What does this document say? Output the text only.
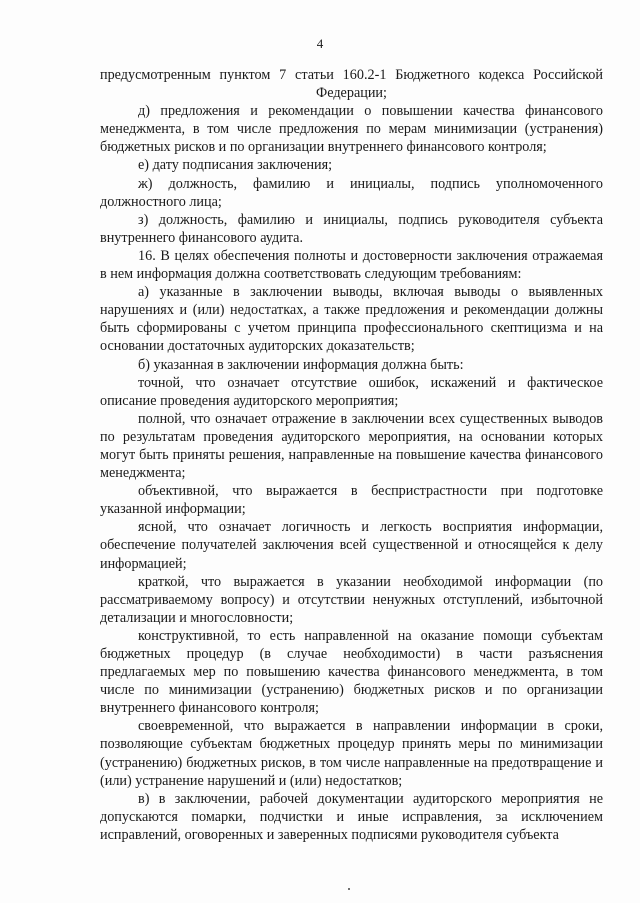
4

предусмотренным пунктом 7 статьи 160.2-1 Бюджетного кодекса Российской Федерации;

д) предложения и рекомендации о повышении качества финансового менеджмента, в том числе предложения по мерам минимизации (устранения) бюджетных рисков и по организации внутреннего финансового контроля;

е) дату подписания заключения;

ж) должность, фамилию и инициалы, подпись уполномоченного должностного лица;

з) должность, фамилию и инициалы, подпись руководителя субъекта внутреннего финансового аудита.

16. В целях обеспечения полноты и достоверности заключения отражаемая в нем информация должна соответствовать следующим требованиям:

а) указанные в заключении выводы, включая выводы о выявленных нарушениях и (или) недостатках, а также предложения и рекомендации должны быть сформированы с учетом принципа профессионального скептицизма и на основании достаточных аудиторских доказательств;

б) указанная в заключении информация должна быть:

точной, что означает отсутствие ошибок, искажений и фактическое описание проведения аудиторского мероприятия;

полной, что означает отражение в заключении всех существенных выводов по результатам проведения аудиторского мероприятия, на основании которых могут быть приняты решения, направленные на повышение качества финансового менеджмента;

объективной, что выражается в беспристрастности при подготовке указанной информации;

ясной, что означает логичность и легкость восприятия информации, обеспечение получателей заключения всей существенной и относящейся к делу информацией;

краткой, что выражается в указании необходимой информации (по рассматриваемому вопросу) и отсутствии ненужных отступлений, избыточной детализации и многословности;

конструктивной, то есть направленной на оказание помощи субъектам бюджетных процедур (в случае необходимости) в части разъяснения предлагаемых мер по повышению качества финансового менеджмента, в том числе по минимизации (устранению) бюджетных рисков и по организации внутреннего финансового контроля;

своевременной, что выражается в направлении информации в сроки, позволяющие субъектам бюджетных процедур принять меры по минимизации (устранению) бюджетных рисков, в том числе направленные на предотвращение и (или) устранение нарушений и (или) недостатков;

в) в заключении, рабочей документации аудиторского мероприятия не допускаются помарки, подчистки и иные исправления, за исключением исправлений, оговоренных и заверенных подписями руководителя субъекта
